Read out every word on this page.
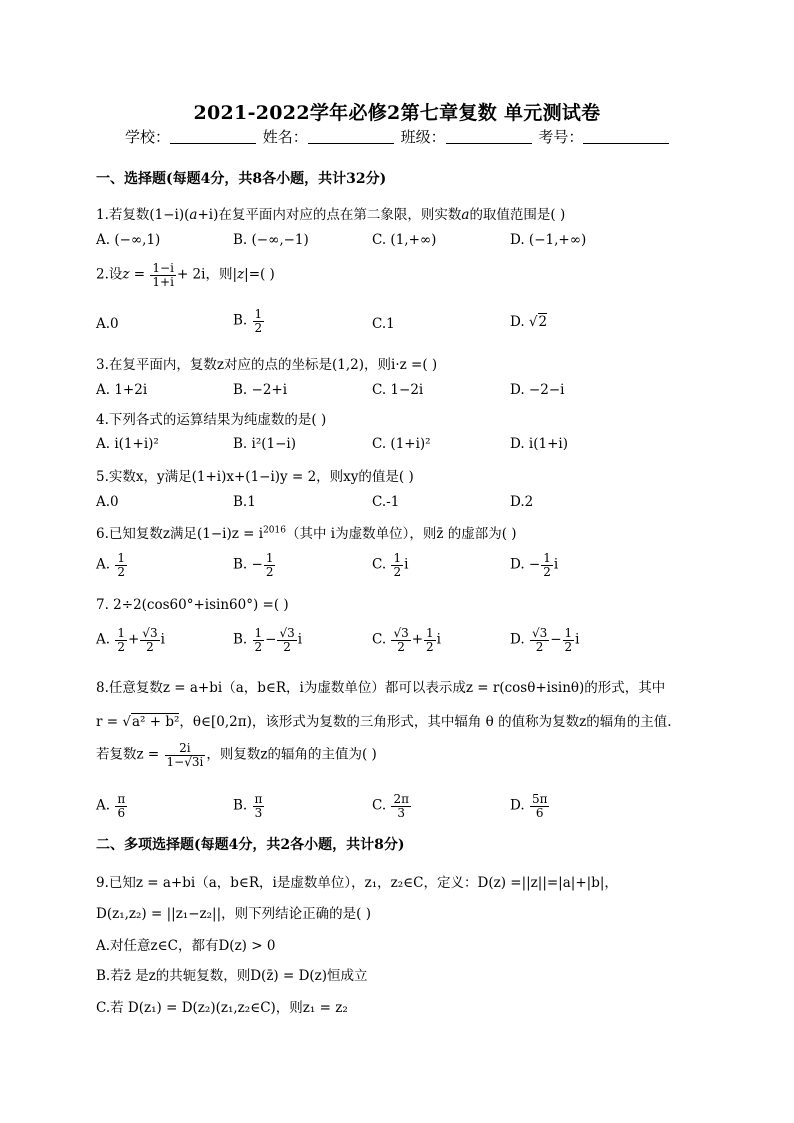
2021-2022学年必修2第七章复数 单元测试卷
学校：	姓名：	班级：	考号：
一、选择题(每题4分，共8各小题，共计32分)
1.若复数(1−i)(a+i)在复平面内对应的点在第二象限，则实数a的取值范围是( )
A. (−∞,1)	B. (−∞,−1)	C. (1,+∞)	D. (−1,+∞)
2.设$z = \frac{1-i}{1+i} + 2i$，则|z|=( )
A.0	B. $\frac{1}{2}$	C.1	D. √2
3.在复平面内，复数z对应的点的坐标是(1,2)，则i·z =( )
A. 1+2i	B. −2+i	C. 1−2i	D. −2−i
4.下列各式的运算结果为纯虚数的是( )
A. i(1+i)²	B. i²(1−i)	C. (1+i)²	D. i(1+i)
5.实数x，y满足(1+i)x+(1−i)y = 2，则xy的值是( )
A.0	B.1	C.-1	D.2
6.已知复数z满足$(1-i)z = i^{2016}$（其中 i为虚数单位），则z̄ 的虚部为( )
A. $\frac{1}{2}$	B. − $\frac{1}{2}$	C. $\frac{1}{2}$ i	D. − $\frac{1}{2}$ i
7. 2÷2(cos60°+isin60°) =( )
A. $\frac{1}{2} + \frac{√3}{2}$ i	B. $\frac{1}{2} - \frac{√3}{2}$ i	C. $\frac{√3}{2} + \frac{1}{2}$ i	D. $\frac{√3}{2} - \frac{1}{2}$ i
8.任意复数z = a+bi（a，b∈R，i为虚数单位）都可以表示成z = r(cosθ+isinθ)的形式，其中
r = √a² + b²，θ∈[0,2π)，该形式为复数的三角形式，其中辐角 θ 的值称为复数z的辐角的主值.
若复数$z = \frac{2i}{1-√3i}$ ，则复数z的辐角的主值为( )
A. $\frac{\pi}{6}$	B. $\frac{\pi}{3}$	C. $\frac{2\pi}{3}$	D. $\frac{5\pi}{6}$
二、多项选择题(每题4分，共2各小题，共计8分)
9.已知z = a+bi（a，b∈R，i是虚数单位），z₁，z₂∈C，定义：D(z) =||z||=|a|+|b|，
D(z₁,z₂) = ||z₁−z₂||，则下列结论正确的是( )
A.对任意z∈C，都有D(z) > 0
B.若z̄ 是z的共轭复数，则D(z̄) = D(z)恒成立
C.若 D(z₁) = D(z₂)(z₁,z₂∈C)，则z₁ = z₂
